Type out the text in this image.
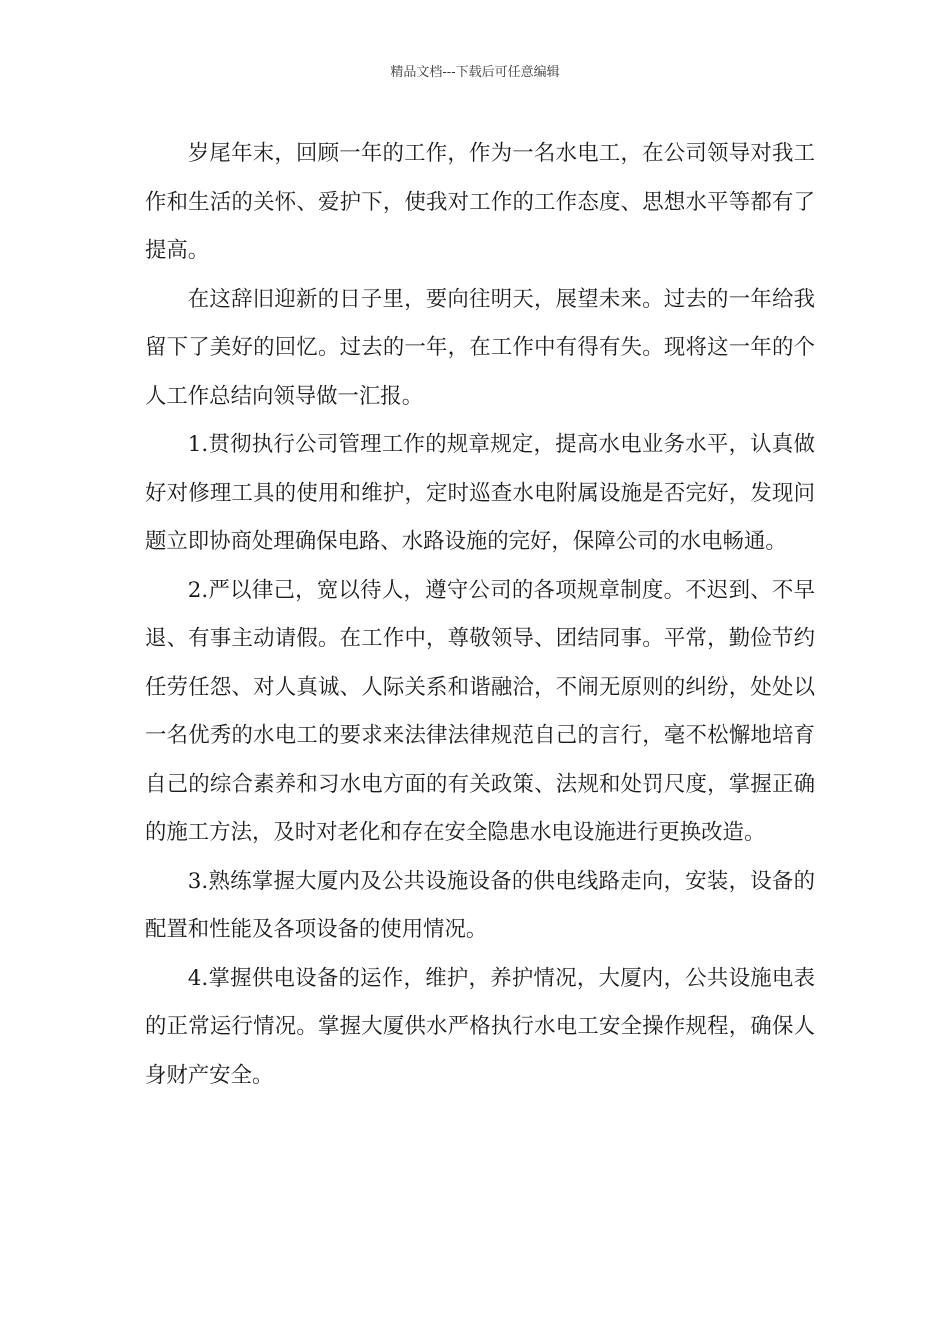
精品文档---下载后可任意编辑

岁尾年末，回顾一年的工作，作为一名水电工，在公司领导对我工作和生活的关怀、爱护下，使我对工作的工作态度、思想水平等都有了提高。

在这辞旧迎新的日子里，要向往明天，展望未来。过去的一年给我留下了美好的回忆。过去的一年，在工作中有得有失。现将这一年的个人工作总结向领导做一汇报。

1.贯彻执行公司管理工作的规章规定，提高水电业务水平，认真做好对修理工具的使用和维护，定时巡查水电附属设施是否完好，发现问题立即协商处理确保电路、水路设施的完好，保障公司的水电畅通。

2.严以律己，宽以待人，遵守公司的各项规章制度。不迟到、不早退、有事主动请假。在工作中，尊敬领导、团结同事。平常，勤俭节约任劳任怨、对人真诚、人际关系和谐融洽，不闹无原则的纠纷，处处以一名优秀的水电工的要求来法律法律规范自己的言行，毫不松懈地培育自己的综合素养和习水电方面的有关政策、法规和处罚尺度，掌握正确的施工方法，及时对老化和存在安全隐患水电设施进行更换改造。

3.熟练掌握大厦内及公共设施设备的供电线路走向，安装，设备的配置和性能及各项设备的使用情况。

4.掌握供电设备的运作，维护，养护情况，大厦内，公共设施电表的正常运行情况。掌握大厦供水严格执行水电工安全操作规程，确保人身财产安全。
